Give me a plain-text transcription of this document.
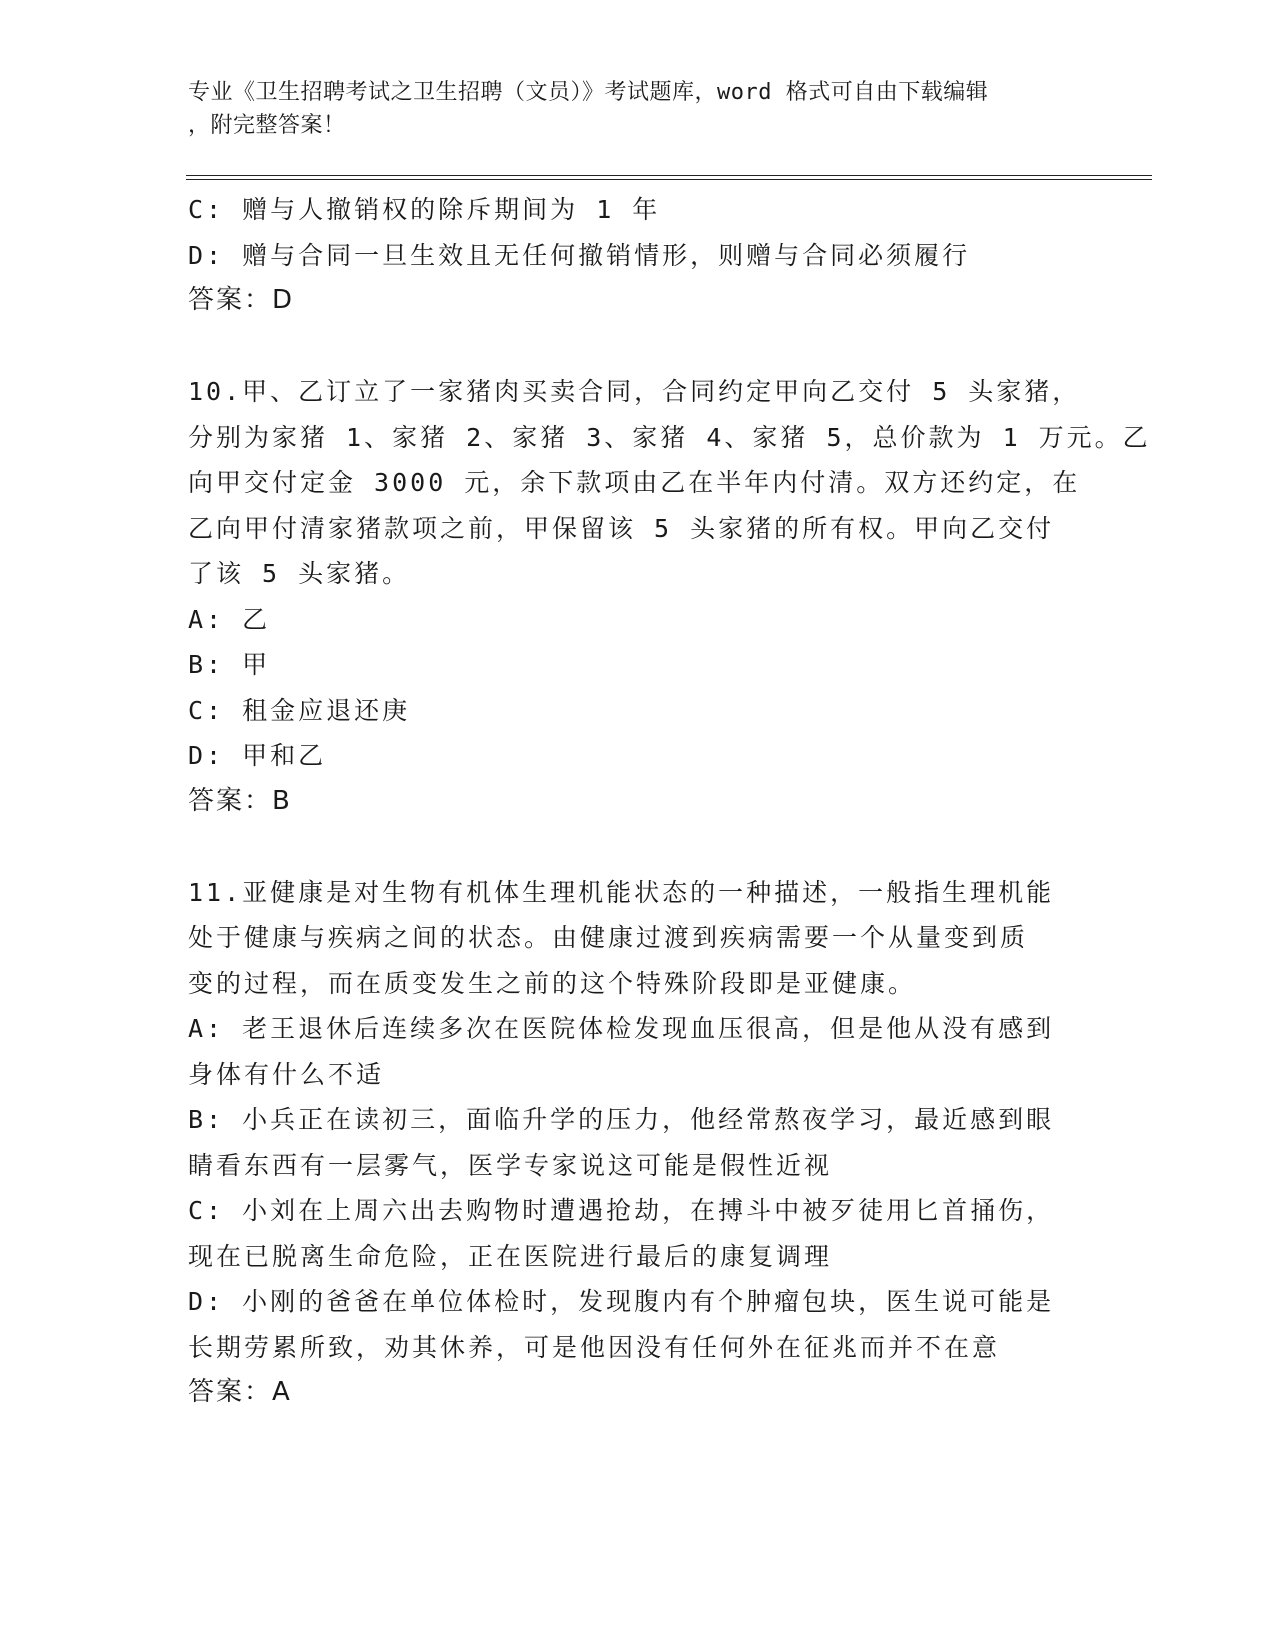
专业《卫生招聘考试之卫生招聘（文员）》考试题库，word 格式可自由下载编辑
，附完整答案！
C: 赠与人撤销权的除斥期间为 1 年
D: 赠与合同一旦生效且无任何撤销情形，则赠与合同必须履行
答案：D
10.甲、乙订立了一家猪肉买卖合同，合同约定甲向乙交付 5 头家猪，
分别为家猪 1、家猪 2、家猪 3、家猪 4、家猪 5，总价款为 1 万元。乙
向甲交付定金 3000 元，余下款项由乙在半年内付清。双方还约定，在
乙向甲付清家猪款项之前，甲保留该 5 头家猪的所有权。甲向乙交付
了该 5 头家猪。
A: 乙
B: 甲
C: 租金应退还庚
D: 甲和乙
答案：B
11.亚健康是对生物有机体生理机能状态的一种描述，一般指生理机能
处于健康与疾病之间的状态。由健康过渡到疾病需要一个从量变到质
变的过程，而在质变发生之前的这个特殊阶段即是亚健康。
A: 老王退休后连续多次在医院体检发现血压很高，但是他从没有感到
身体有什么不适
B: 小兵正在读初三，面临升学的压力，他经常熬夜学习，最近感到眼
睛看东西有一层雾气，医学专家说这可能是假性近视
C: 小刘在上周六出去购物时遭遇抢劫，在搏斗中被歹徒用匕首捅伤，
现在已脱离生命危险，正在医院进行最后的康复调理
D: 小刚的爸爸在单位体检时，发现腹内有个肿瘤包块，医生说可能是
长期劳累所致，劝其休养，可是他因没有任何外在征兆而并不在意
答案：A
